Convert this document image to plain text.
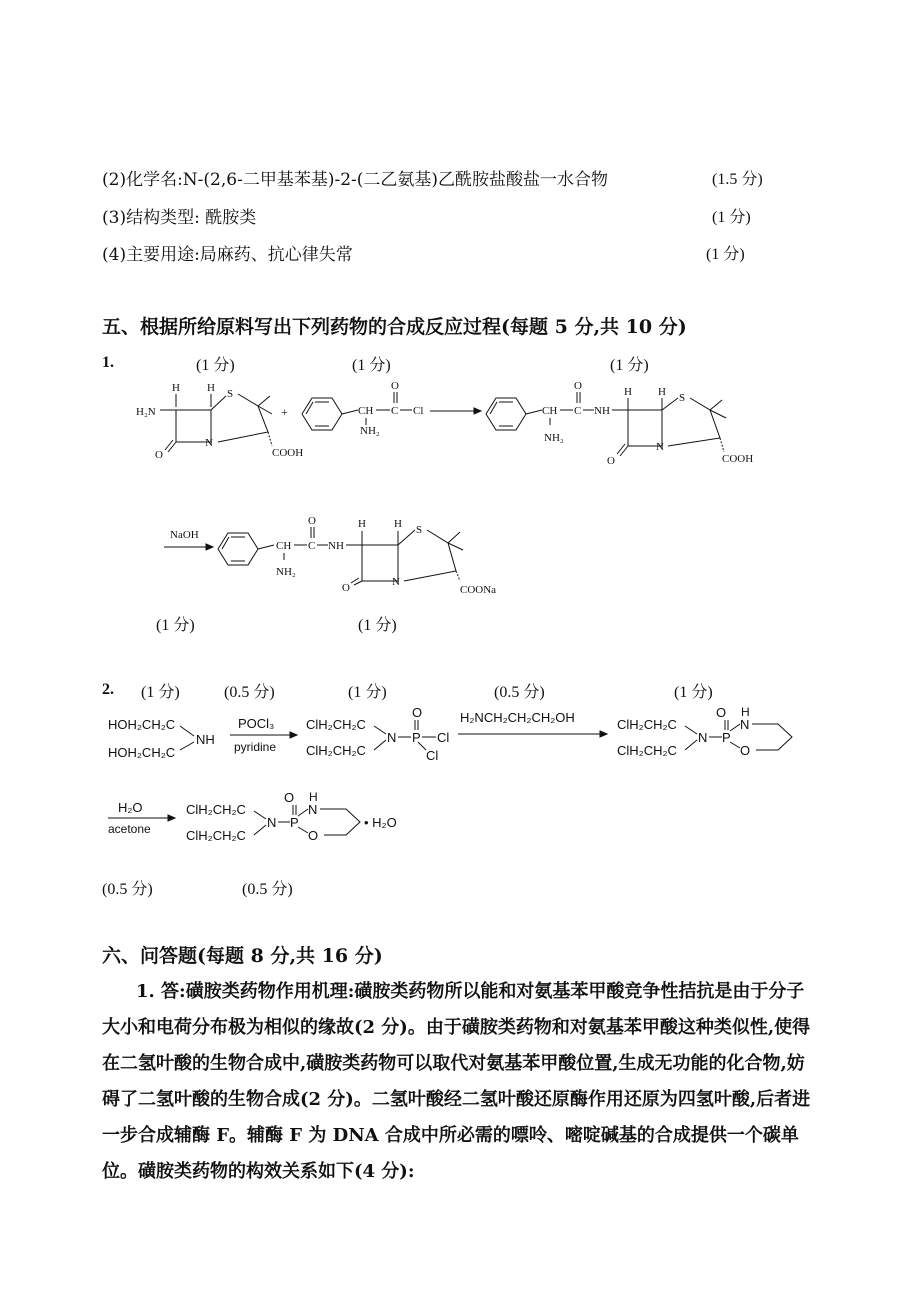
(2)化学名:N-(2,6-二甲基苯基)-2-(二乙氨基)乙酰胺盐酸盐一水合物	(1.5 分)
(3)结构类型: 酰胺类	(1 分)
(4)主要用途:局麻药、抗心律失常	(1 分)
五、根据所给原料写出下列药物的合成反应过程(每题 5 分,共 10 分)
1.	(1 分)	(1 分)	(1 分)
H H
H₂N
O
N
S
COOH
+	CH
NH₂
C
O
Cl	CH
NH₂
C
O
NH
H H
O
N
S
COOH
NaOH
CH
NH₂
C
O
NH
H	H
O	N
S
COONa
(1 分)	(1 分)
2. (1 分)	(0.5 分)	(1 分)	(0.5 分)	(1 分)
HOH₂CH₂C
HOH₂CH₂C
NH
POCl₃
pyridine
ClH₂CH₂C
ClH₂CH₂C
N P
O
Cl
Cl
H₂NCH₂CH₂CH₂OH	ClH₂CH₂C
ClH₂CH₂C
N P
O H
N
O
H₂O
acetone
ClH₂CH₂C
ClH₂CH₂C
N P
O H
N
O
• H₂O
(0.5 分)	(0.5 分)
六、问答题(每题 8 分,共 16 分)
1. 答:磺胺类药物作用机理:磺胺类药物所以能和对氨基苯甲酸竞争性拮抗是由于分子大小和电荷分布极为相似的缘故(2 分)。由于磺胺类药物和对氨基苯甲酸这种类似性,使得在二氢叶酸的生物合成中,磺胺类药物可以取代对氨基苯甲酸位置,生成无功能的化合物,妨碍了二氢叶酸的生物合成(2 分)。二氢叶酸经二氢叶酸还原酶作用还原为四氢叶酸,后者进一步合成辅酶 F。辅酶 F 为 DNA 合成中所必需的嘌呤、嘧啶碱基的合成提供一个碳单位。磺胺类药物的构效关系如下(4 分):
